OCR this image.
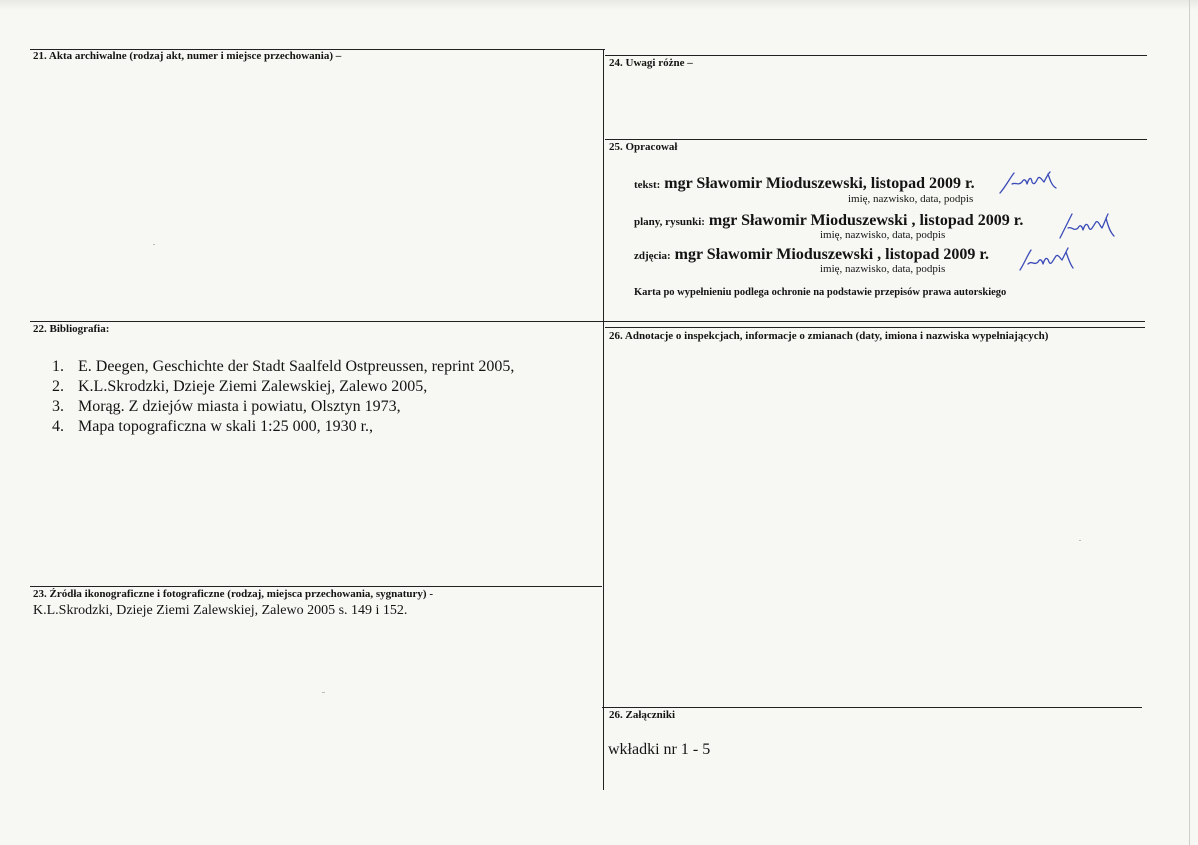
21. Akta archiwalne (rodzaj akt, numer i miejsce przechowania) –
24. Uwagi różne –
25. Opracował
tekst: mgr Sławomir Mioduszewski, listopad 2009 r.
imię, nazwisko, data, podpis
plany, rysunki: mgr Sławomir Mioduszewski , listopad 2009 r.
imię, nazwisko, data, podpis
zdjęcia: mgr Sławomir Mioduszewski , listopad 2009 r.
imię, nazwisko, data, podpis
Karta po wypełnieniu podlega ochronie na podstawie przepisów prawa autorskiego
22. Bibliografia:
1. E. Deegen, Geschichte der Stadt Saalfeld Ostpreussen, reprint 2005,
2. K.L.Skrodzki, Dzieje Ziemi Zalewskiej, Zalewo 2005,
3. Morąg. Z dziejów miasta i powiatu, Olsztyn 1973,
4. Mapa topograficzna w skali 1:25 000, 1930 r.,
26. Adnotacje o inspekcjach, informacje o zmianach (daty, imiona i nazwiska wypełniających)
23. Źródła ikonograficzne i fotograficzne (rodzaj, miejsca przechowania, sygnatury) -
K.L.Skrodzki, Dzieje Ziemi Zalewskiej, Zalewo 2005 s. 149 i 152.
26. Załączniki
wkładki nr 1 - 5
